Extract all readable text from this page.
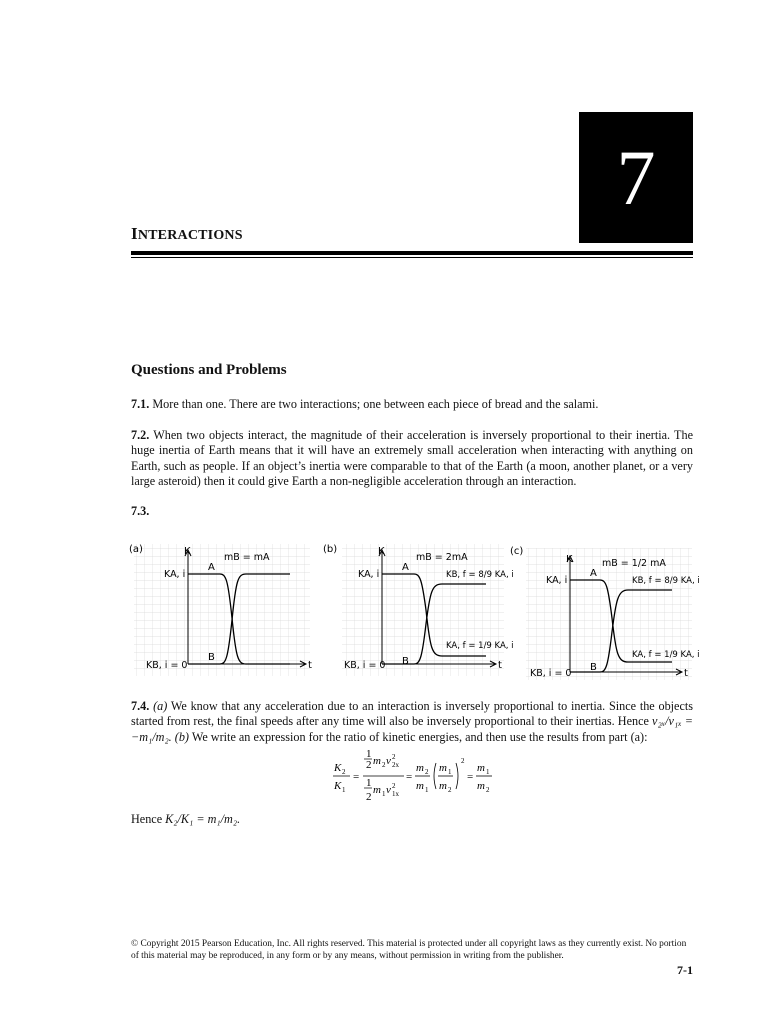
7
INTERACTIONS
Questions and Problems
7.1. More than one. There are two interactions; one between each piece of bread and the salami.
7.2. When two objects interact, the magnitude of their acceleration is inversely proportional to their inertia. The huge inertia of Earth means that it will have an extremely small acceleration when interacting with anything on Earth, such as people. If an object’s inertia were comparable to that of the Earth (a moon, another planet, or a very large asteroid) then it could give Earth a non-negligible acceleration through an interaction.
7.3.
(a)	K
t
mB = mA
KA, i
KB, i = 0
A
B
(b)	K
t
mB = 2mA
KA, i
KB, i = 0
A
B
KB, f = 8/9 KA, i
KA, f = 1/9 KA, i
(c)
K
t
mB = 1/2 mA
KA, i
KB, i = 0
A
B
KB, f = 8/9 KA, i
KA, f = 1/9 KA, i
7.4. (a) We know that any acceleration due to an interaction is inversely proportional to inertia. Since the objects started from rest, the final speeds after any time will also be inversely proportional to their inertias. Hence v₂ₓ/v₁ₓ = −m₁/m₂. (b) We write an expression for the ratio of kinetic energies, and then use the results from part (a):
K 2
K 1
=
1
2 m 2 v 2
2x
1
2
m 1 v 2
1x
=
m 2
m 1
m 1
m 2
2
=
m 1
m 2
Hence K₂/K₁ = m₁/m₂.
© Copyright 2015 Pearson Education, Inc. All rights reserved. This material is protected under all copyright laws as they currently exist. No portion of this material may be reproduced, in any form or by any means, without permission in writing from the publisher.
7-1
